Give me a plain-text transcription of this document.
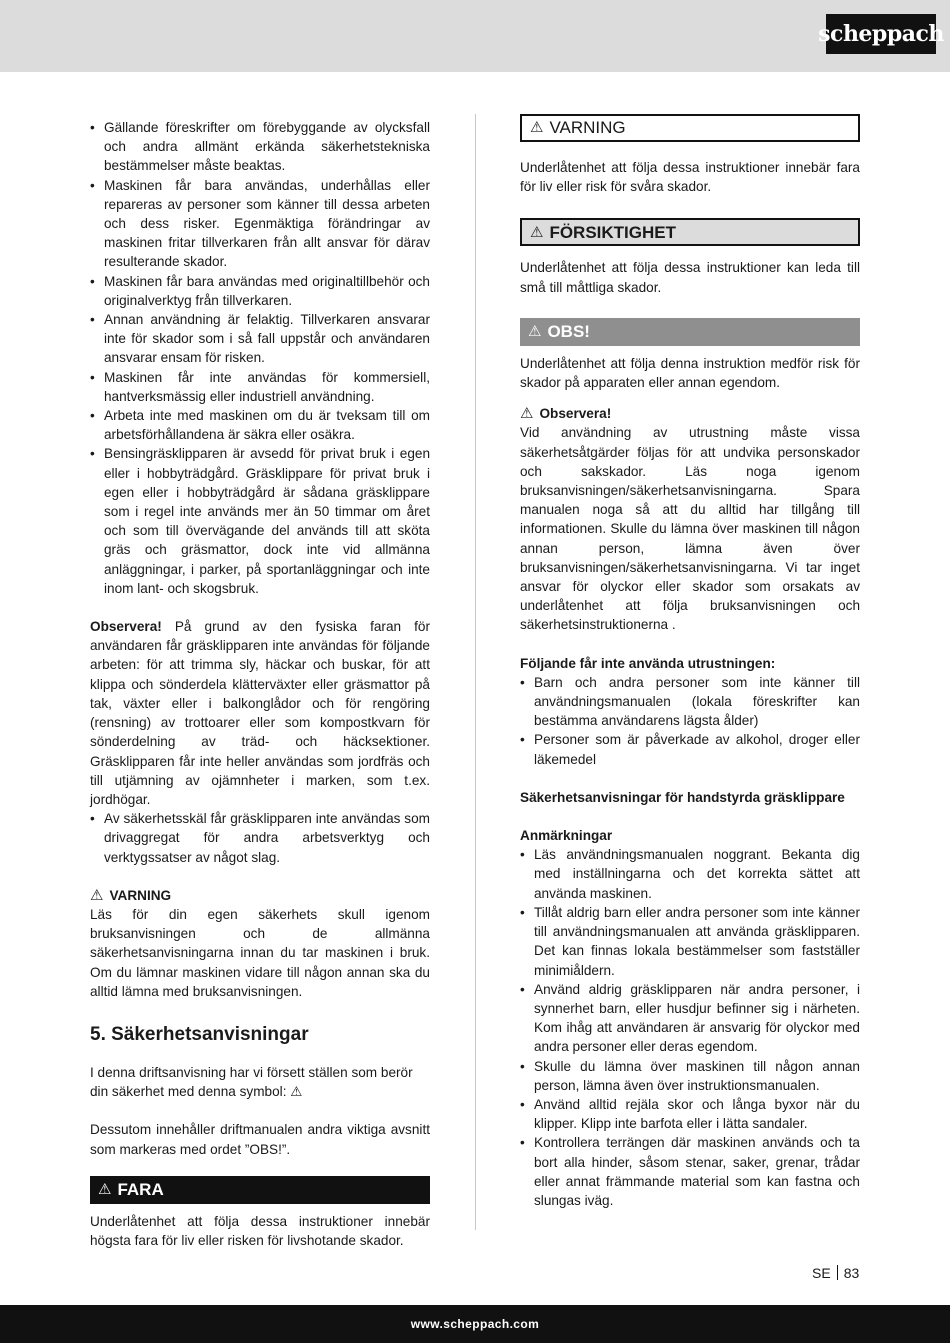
scheppach
• Gällande föreskrifter om förebyggande av olycksfall och andra allmänt erkända säkerhetstekniska bestämmelser måste beaktas.
• Maskinen får bara användas, underhållas eller repareras av personer som känner till dessa arbeten och dess risker. Egenmäktiga förändringar av maskinen fritar tillverkaren från allt ansvar för därav resulterande skador.
• Maskinen får bara användas med originaltillbehör och originalverktyg från tillverkaren.
• Annan användning är felaktig. Tillverkaren ansvarar inte för skador som i så fall uppstår och användaren ansvarar ensam för risken.
• Maskinen får inte användas för kommersiell, hantverksmässig eller industriell användning.
• Arbeta inte med maskinen om du är tveksam till om arbetsförhållandena är säkra eller osäkra.
• Bensingräsklipparen är avsedd för privat bruk i egen eller i hobbyträdgård. Gräsklippare för privat bruk i egen eller i hobbyträdgård är sådana gräsklippare som i regel inte används mer än 50 timmar om året och som till övervägande del används till att sköta gräs och gräsmattor, dock inte vid allmänna anläggningar, i parker, på sportanläggningar och inte inom lant- och skogsbruk.

Observera! På grund av den fysiska faran för användaren får gräsklipparen inte användas för följande arbeten: för att trimma sly, häckar och buskar, för att klippa och sönderdela klätterväxter eller gräsmattor på tak, växter eller i balkonglådor och för rengöring (rensning) av trottoarer eller som kompostkvarn för sönderdelning av träd- och häcksektioner. Gräsklipparen får inte heller användas som jordfräs och till utjämning av ojämnheter i marken, som t.ex. jordhögar.

• Av säkerhetsskäl får gräsklipparen inte användas som drivaggregat för andra arbetsverktyg och verktygssatser av något slag.
⚠ VARNING

Läs för din egen säkerhets skull igenom bruksanvisningen och de allmänna säkerhetsanvisningarna innan du tar maskinen i bruk. Om du lämnar maskinen vidare till någon annan ska du alltid lämna med bruksanvisningen.

5. Säkerhetsanvisningar

I denna driftsanvisning har vi försett ställen som berör din säkerhet med denna symbol: ⚠

Dessutom innehåller driftmanualen andra viktiga avsnitt som markeras med ordet ”OBS!”.

⚠ FARA

Underlåtenhet att följa dessa instruktioner innebär högsta fara för liv eller risken för livshotande skador.

⚠ VARNING

Underlåtenhet att följa dessa instruktioner innebär fara för liv eller risk för svåra skador.

⚠ FÖRSIKTIGHET

Underlåtenhet att följa dessa instruktioner kan leda till små till måttliga skador.

⚠ OBS!

Underlåtenhet att följa denna instruktion medför risk för skador på apparaten eller annan egendom.

⚠ Observera!

Vid användning av utrustning måste vissa säkerhetsåtgärder följas för att undvika personskador och sakskador. Läs noga igenom bruksanvisningen/säkerhetsanvisningarna. Spara manualen noga så att du alltid har tillgång till informationen. Skulle du lämna över maskinen till någon annan person, lämna även över bruksanvisningen/säkerhetsanvisningarna. Vi tar inget ansvar för olyckor eller skador som orsakats av underlåtenhet att följa bruksanvisningen och säkerhetsinstruktionerna .

Följande får inte använda utrustningen:
• Barn och andra personer som inte känner till användningsmanualen (lokala föreskrifter kan bestämma användarens lägsta ålder)
• Personer som är påverkade av alkohol, droger eller läkemedel
Säkerhetsanvisningar för handstyrda gräsklippare
Anmärkningar
• Läs användningsmanualen noggrant. Bekanta dig med inställningarna och det korrekta sättet att använda maskinen.
• Tillåt aldrig barn eller andra personer som inte känner till användningsmanualen att använda gräsklipparen. Det kan finnas lokala bestämmelser som fastställer minimiåldern.
• Använd aldrig gräsklipparen när andra personer, i synnerhet barn, eller husdjur befinner sig i närheten. Kom ihåg att användaren är ansvarig för olyckor med andra personer eller deras egendom.
• Skulle du lämna över maskinen till någon annan person, lämna även över instruktionsmanualen.
• Använd alltid rejäla skor och långa byxor när du klipper. Klipp inte barfota eller i lätta sandaler.
• Kontrollera terrängen där maskinen används och ta bort alla hinder, såsom stenar, saker, grenar, trådar eller annat främmande material som kan fastna och slungas iväg.
SE 83
www.scheppach.com
